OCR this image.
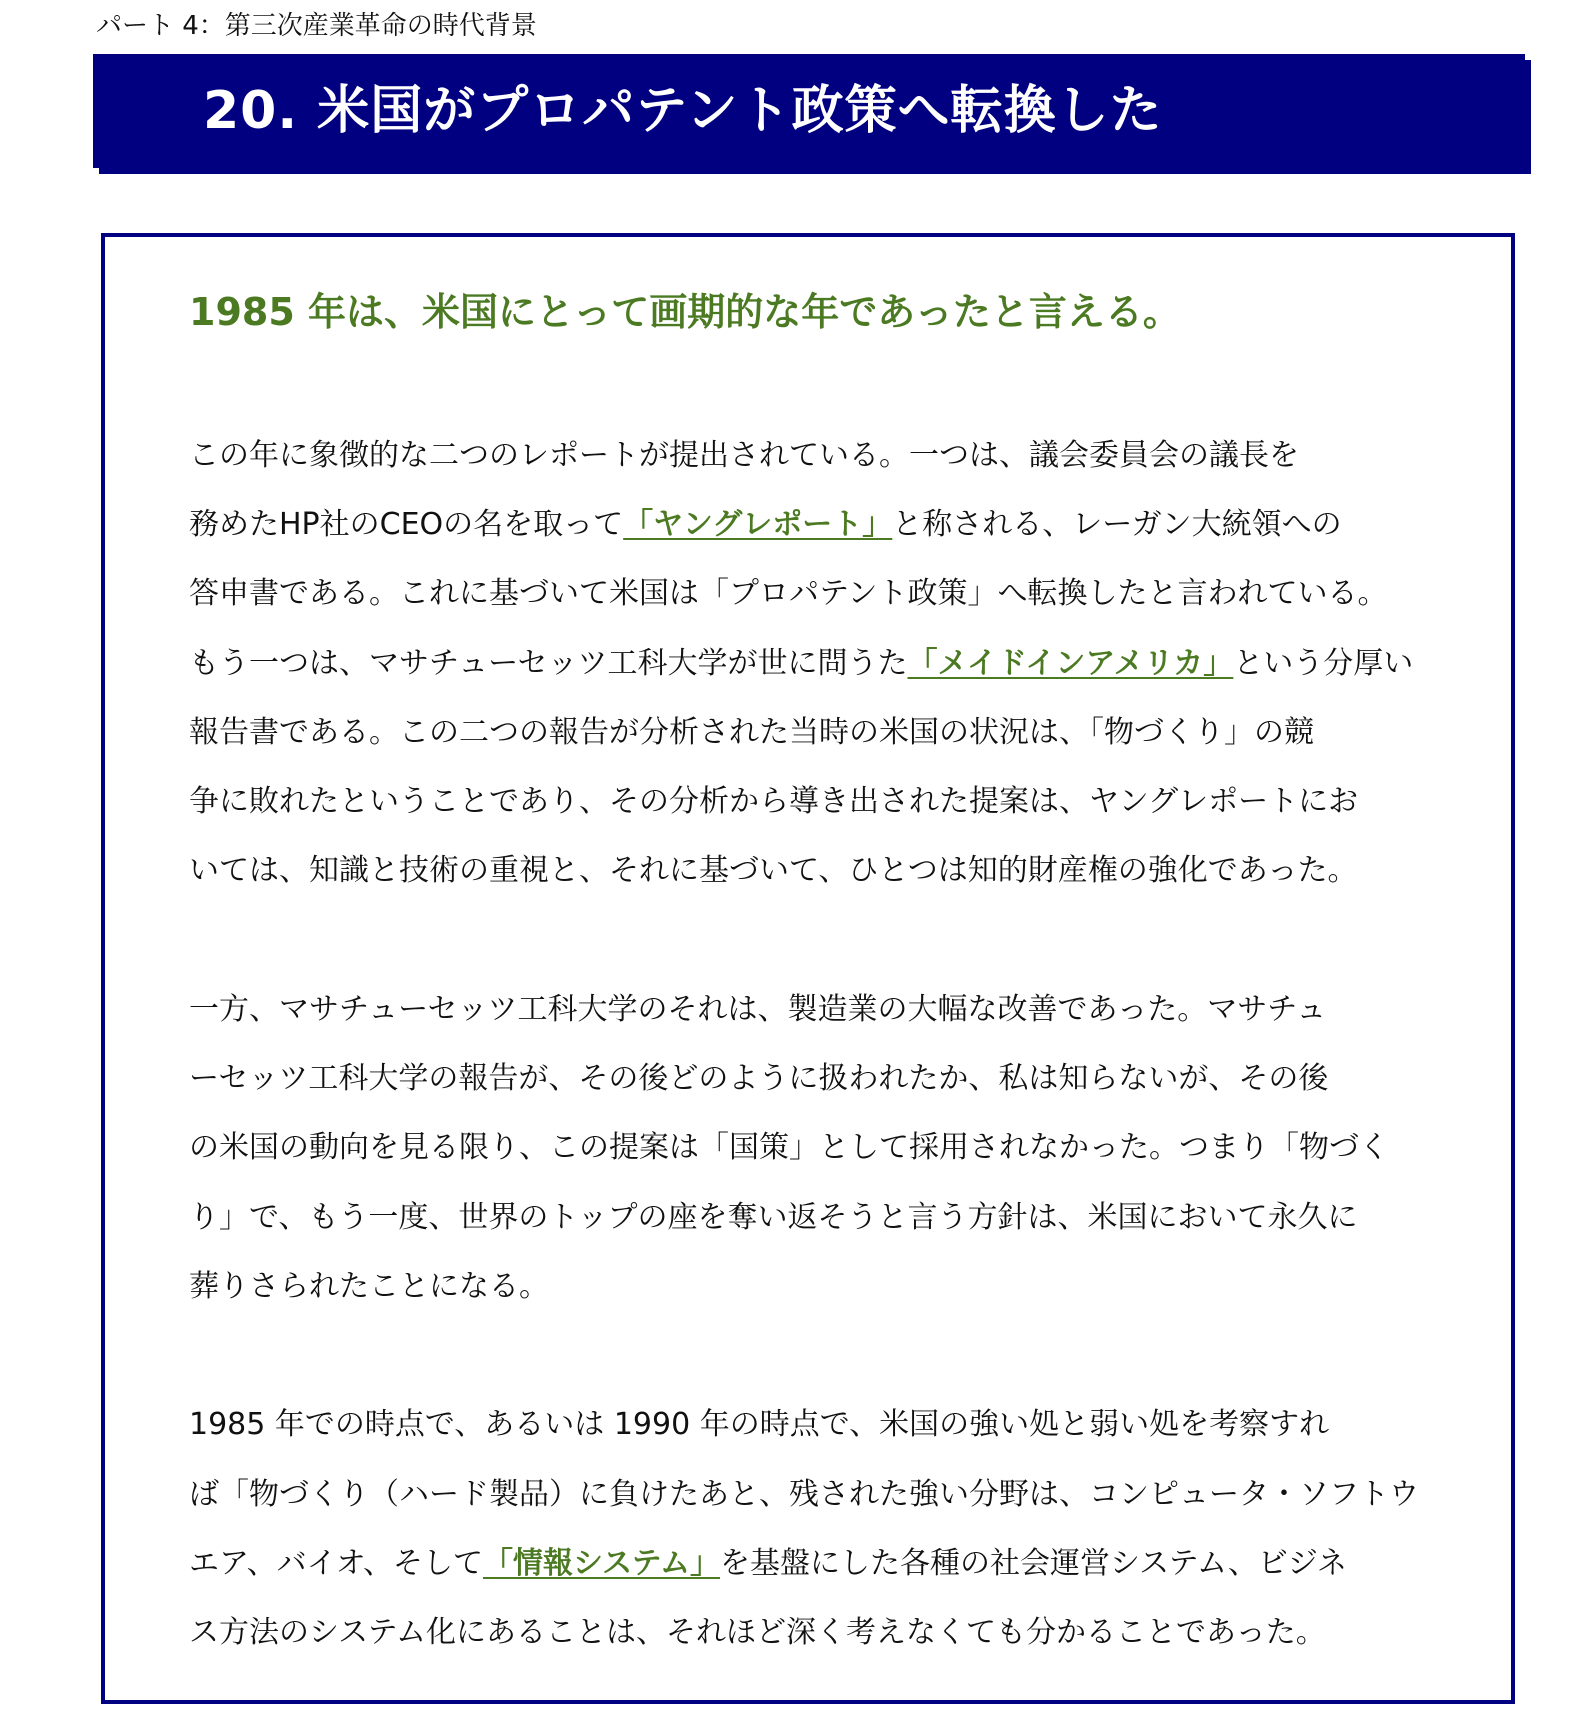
パート 4：第三次産業革命の時代背景
20. 米国がプロパテント政策へ転換した
1985 年は、米国にとって画期的な年であったと言える。
この年に象徴的な二つのレポートが提出されている。一つは、議会委員会の議長を
務めたHP社のCEOの名を取って「ヤングレポート」と称される、レーガン大統領への
答申書である。これに基づいて米国は「プロパテント政策」へ転換したと言われている。
もう一つは、マサチューセッツ工科大学が世に問うた「メイドインアメリカ」という分厚い
報告書である。この二つの報告が分析された当時の米国の状況は、「物づくり」の競
争に敗れたということであり、その分析から導き出された提案は、ヤングレポートにお
いては、知識と技術の重視と、それに基づいて、ひとつは知的財産権の強化であった。
一方、マサチューセッツ工科大学のそれは、製造業の大幅な改善であった。マサチュ
ーセッツ工科大学の報告が、その後どのように扱われたか、私は知らないが、その後
の米国の動向を見る限り、この提案は「国策」として採用されなかった。つまり「物づく
り」で、もう一度、世界のトップの座を奪い返そうと言う方針は、米国において永久に
葬りさられたことになる。
1985 年での時点で、あるいは 1990 年の時点で、米国の強い処と弱い処を考察すれ
ば「物づくり（ハード製品）に負けたあと、残された強い分野は、コンピュータ・ソフトウ
エア、バイオ、そして「情報システム」を基盤にした各種の社会運営システム、ビジネ
ス方法のシステム化にあることは、それほど深く考えなくても分かることであった。
